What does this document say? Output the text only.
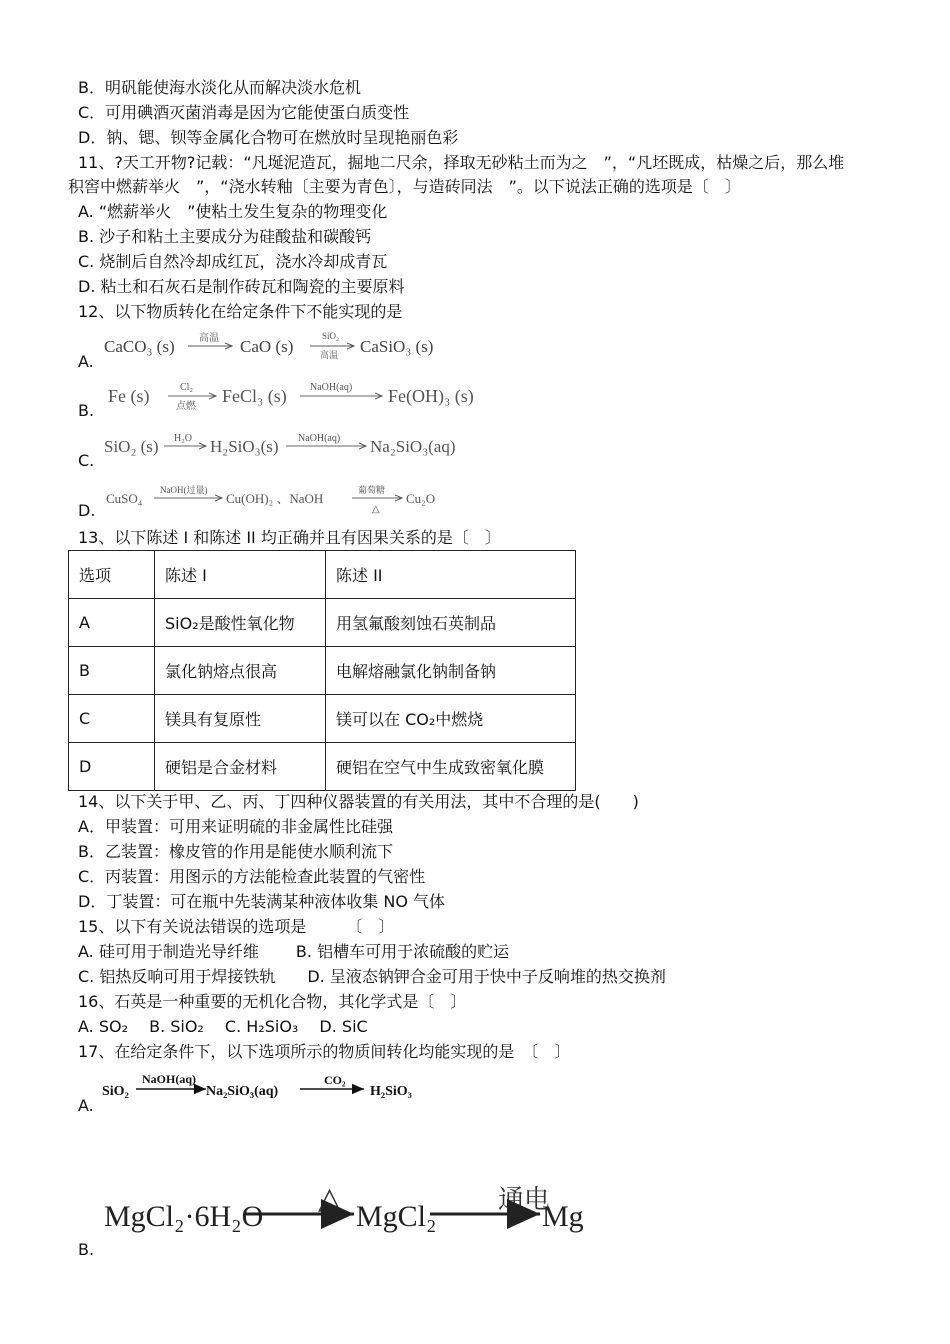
B．明矾能使海水淡化从而解决淡水危机
C．可用碘酒灭菌消毒是因为它能使蛋白质变性
D．钠、锶、钡等金属化合物可在燃放时呈现艳丽色彩
11、?天工开物?记载：“凡埏泥造瓦，掘地二尺余，择取无砂粘土而为之　”，“凡坯既成，枯燥之后，那么堆
积窖中燃薪举火　”，“浇水转釉〔主要为青色〕，与造砖同法　”。以下说法正确的选项是〔　〕
A. “燃薪举火　”使粘土发生复杂的物理变化
B. 沙子和粘土主要成分为硅酸盐和碳酸钙
C. 烧制后自然冷却成红瓦，浇水冷却成青瓦
D. 粘土和石灰石是制作砖瓦和陶瓷的主要原料
12、以下物质转化在给定条件下不能实现的是
A.
CaCO₃ (s) 高温 CaO (s)
SiO₂
高温 CaSiO₃ (s)
B.
Fe (s)	Cl₂
点燃
FeCl₃ (s) NaOH(aq) Fe(OH)₃ (s)
C.
SiO₂ (s) H₂O H₂SiO₃(s) NaOH(aq) Na₂SiO₃(aq)
D.
CuSO₄
NaOH(过量)
Cu(OH)₂ 、NaOH
葡萄糖
△
Cu₂O
13、以下陈述 I 和陈述 II 均正确并且有因果关系的是〔　〕
选项	陈述 I	陈述 II
A	SiO₂是酸性氧化物	用氢氟酸刻蚀石英制品
B	氯化钠熔点很高	电解熔融氯化钠制备钠
C	镁具有复原性	镁可以在 CO₂中燃烧
D	硬铝是合金材料	硬铝在空气中生成致密氧化膜
14、以下关于甲、乙、丙、丁四种仪器装置的有关用法，其中不合理的是(　　)
A．甲装置：可用来证明硫的非金属性比硅强
B．乙装置：橡皮管的作用是能使水顺利流下
C．丙装置：用图示的方法能检查此装置的气密性
D．丁装置：可在瓶中先装满某种液体收集 NO 气体
15、以下有关说法错误的选项是　　　〔　〕
A. 硅可用于制造光导纤维　　 B. 铝槽车可用于浓硫酸的贮运
C. 铝热反响可用于焊接铁轨　　D. 呈液态钠钾合金可用于快中子反响堆的热交换剂
16、石英是一种重要的无机化合物，其化学式是〔　〕
A. SO₂　 B. SiO₂　 C. H₂SiO₃　 D. SiC
17、在给定条件下，以下选项所示的物质间转化均能实现的是　〔　〕
A.
SiO₂
NaOH(aq)
Na₂SiO₃(aq)
CO₂
H₂SiO₃
B.
MgCl₂·6H₂O
△
MgCl₂
通电
Mg
